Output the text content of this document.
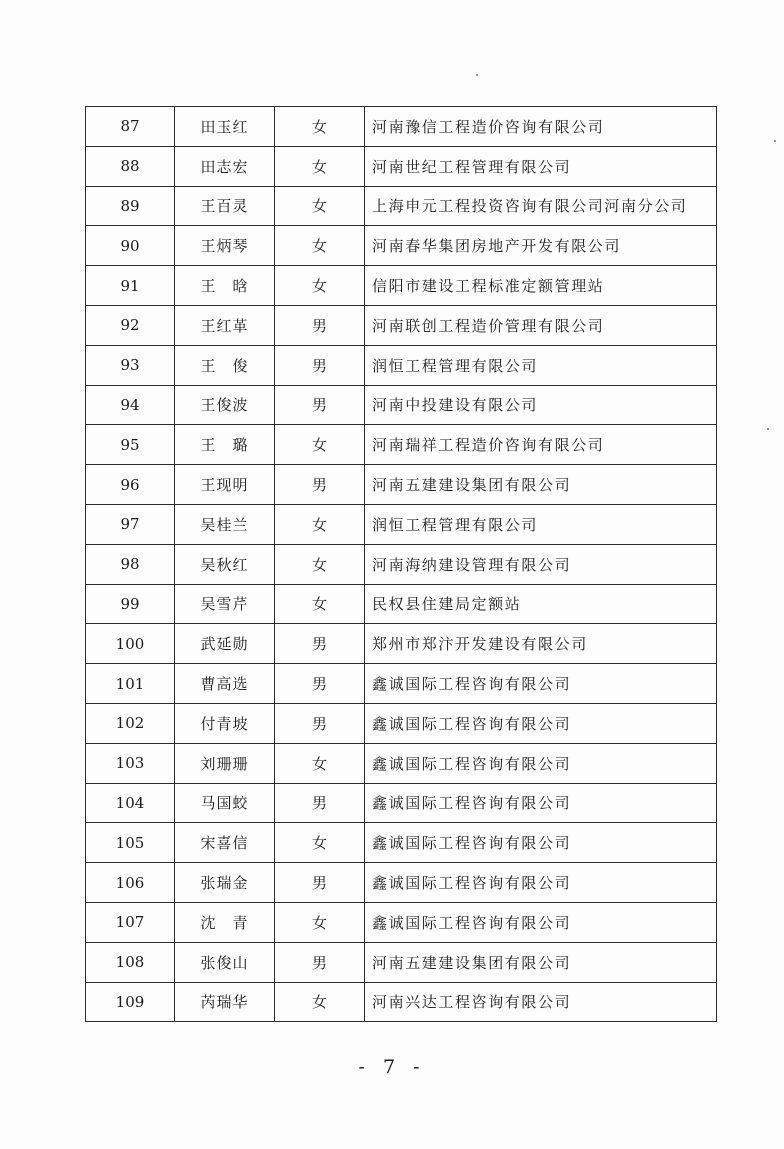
87	田玉红	女	河南豫信工程造价咨询有限公司
88	田志宏	女	河南世纪工程管理有限公司
89	王百灵	女	上海申元工程投资咨询有限公司河南分公司
90	王炳琴	女	河南春华集团房地产开发有限公司
91	王　晗	女	信阳市建设工程标准定额管理站
92	王红革	男	河南联创工程造价管理有限公司
93	王　俊	男	润恒工程管理有限公司
94	王俊波	男	河南中投建设有限公司
95	王　璐	女	河南瑞祥工程造价咨询有限公司
96	王现明	男	河南五建建设集团有限公司
97	吴桂兰	女	润恒工程管理有限公司
98	吴秋红	女	河南海纳建设管理有限公司
99	吴雪芹	女	民权县住建局定额站
100	武延勋	男	郑州市郑汴开发建设有限公司
101	曹高选	男	鑫诚国际工程咨询有限公司
102	付青坡	男	鑫诚国际工程咨询有限公司
103	刘珊珊	女	鑫诚国际工程咨询有限公司
104	马国蛟	男	鑫诚国际工程咨询有限公司
105	宋喜信	女	鑫诚国际工程咨询有限公司
106	张瑞金	男	鑫诚国际工程咨询有限公司
107	沈　青	女	鑫诚国际工程咨询有限公司
108	张俊山	男	河南五建建设集团有限公司
109	芮瑞华	女	河南兴达工程咨询有限公司
- 7 -
